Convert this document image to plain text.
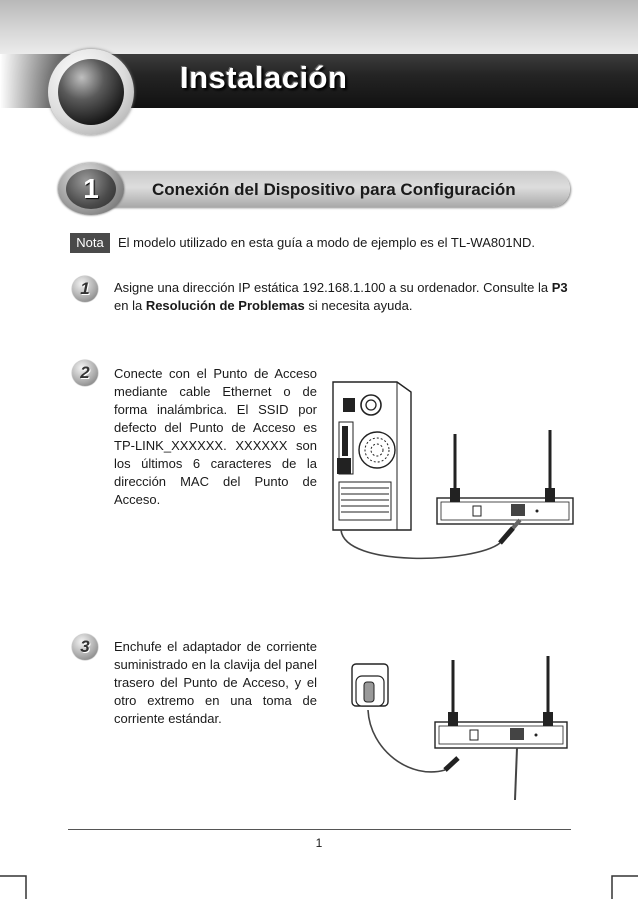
Instalación
1	Conexión del Dispositivo para Configuración
Nota	El modelo utilizado en esta guía a modo de ejemplo es el TL-WA801ND.
1	Asigne una dirección IP estática 192.168.1.100 a su ordenador. Consulte la P3 en la Resolución de Problemas si necesita ayuda.
2	Conecte con el Punto de Acceso mediante cable Ethernet o de forma inalámbrica. El SSID por defecto del Punto de Acceso es TP-LINK_XXXXXX. XXXXXX son los últimos 6 caracteres de la dirección MAC del Punto de Acceso.
3	Enchufe el adaptador de corriente suministrado en la clavija del panel trasero del Punto de Acceso, y el otro extremo en una toma de corriente estándar.
1
